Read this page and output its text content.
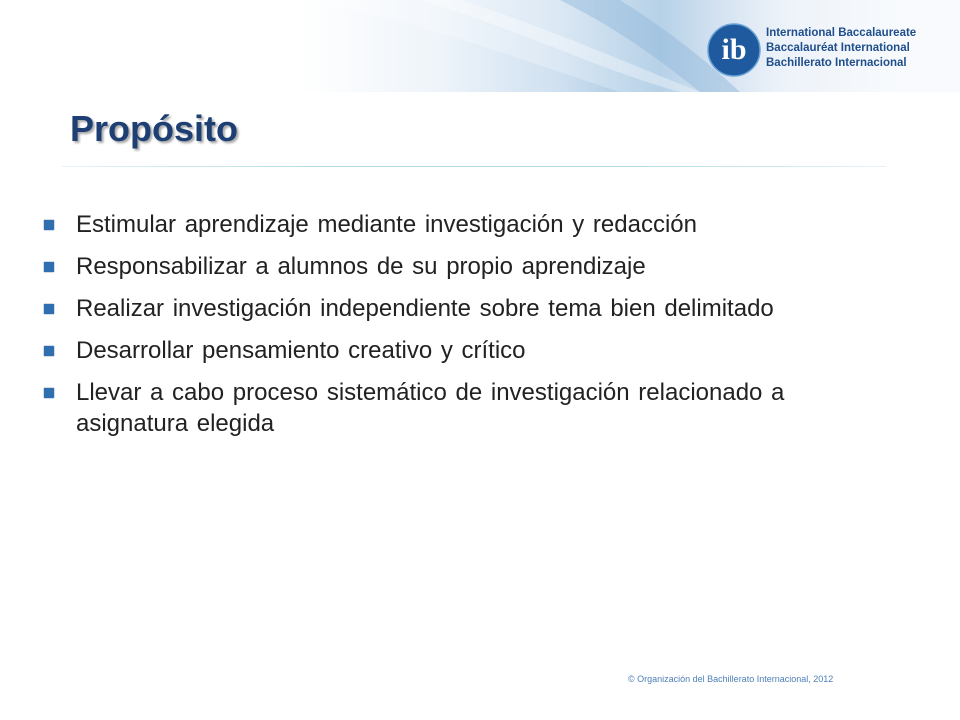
ib International Baccalaureate
Baccalauréat International
Bachillerato Internacional
Propósito
Estimular aprendizaje mediante investigación y redacción
Responsabilizar a alumnos de su propio aprendizaje
Realizar investigación independiente sobre tema bien delimitado
Desarrollar pensamiento creativo y crítico
Llevar a cabo proceso sistemático de investigación relacionado a asignatura elegida
© Organización del Bachillerato Internacional, 2012
